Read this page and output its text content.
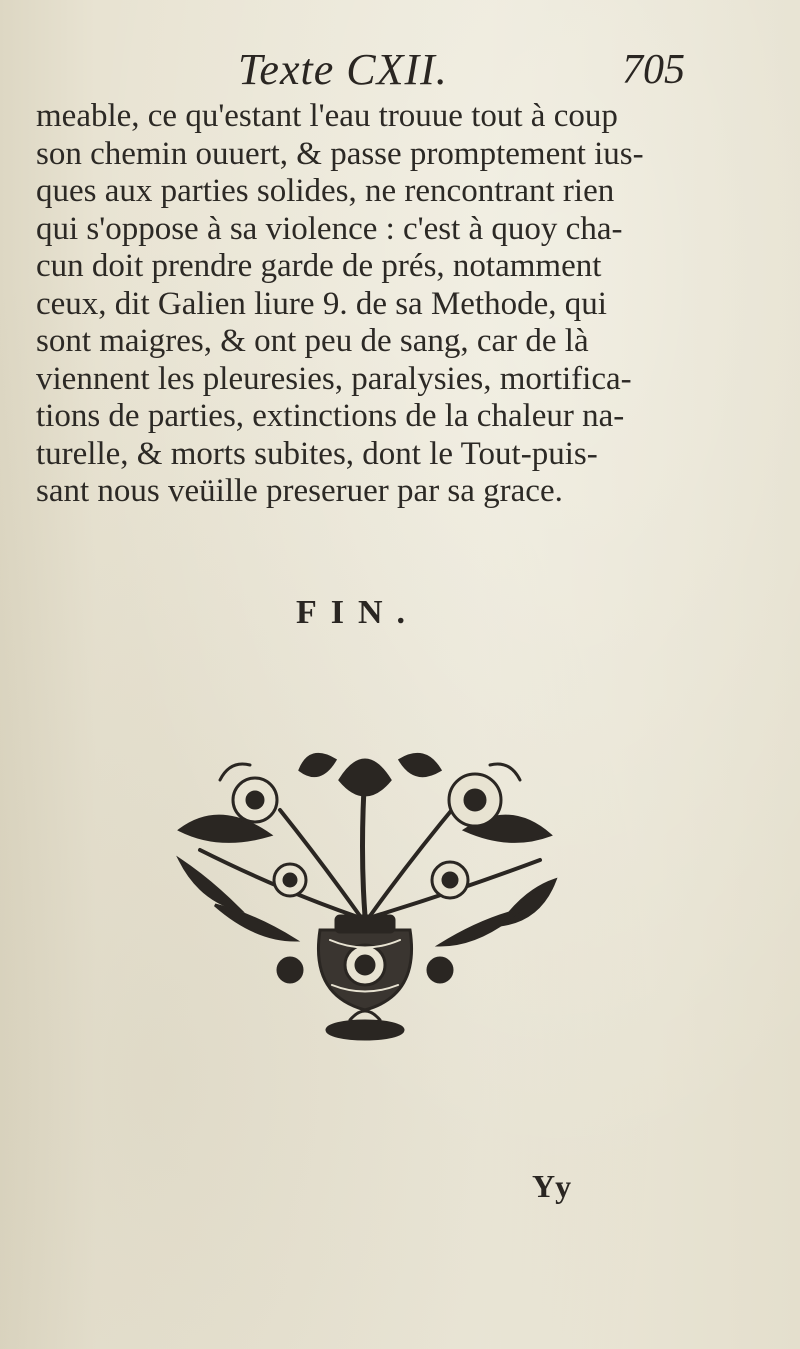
Texte CXII.	705
meable, ce qu'estant l'eau trouue tout à coup
son chemin ouuert, & passe promptement ius-
ques aux parties solides, ne rencontrant rien
qui s'oppose à sa violence : c'est à quoy cha-
cun doit prendre garde de prés, notamment
ceux, dit Galien liure 9. de sa Methode, qui
sont maigres, & ont peu de sang, car de là
viennent les pleuresies, paralysies, mortifica-
tions de parties, extinctions de la chaleur na-
turelle, & morts subites, dont le Tout-puis-
sant nous veüille preseruer par sa grace.
FIN.
Yy
